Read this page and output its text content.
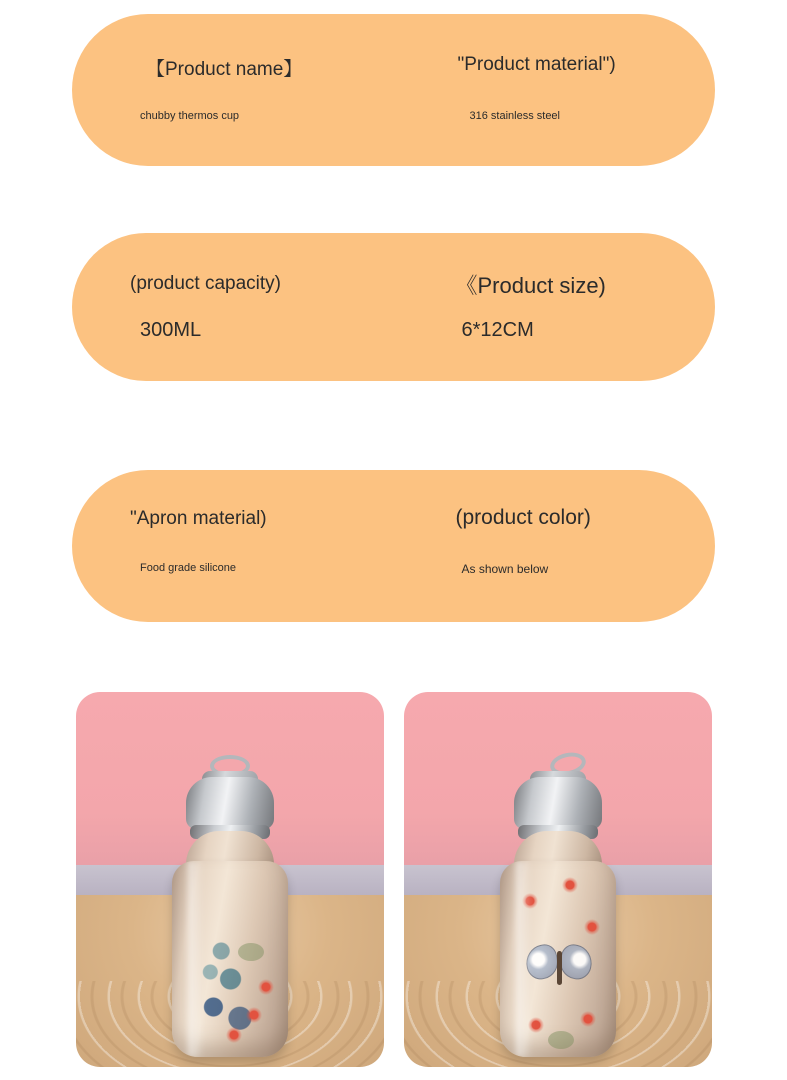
【Product name】
chubby thermos cup
"Product material")
316 stainless steel
(product capacity)
300ML
《Product size)
6*12CM
"Apron material)
Food grade silicone
(product color)
As shown below
